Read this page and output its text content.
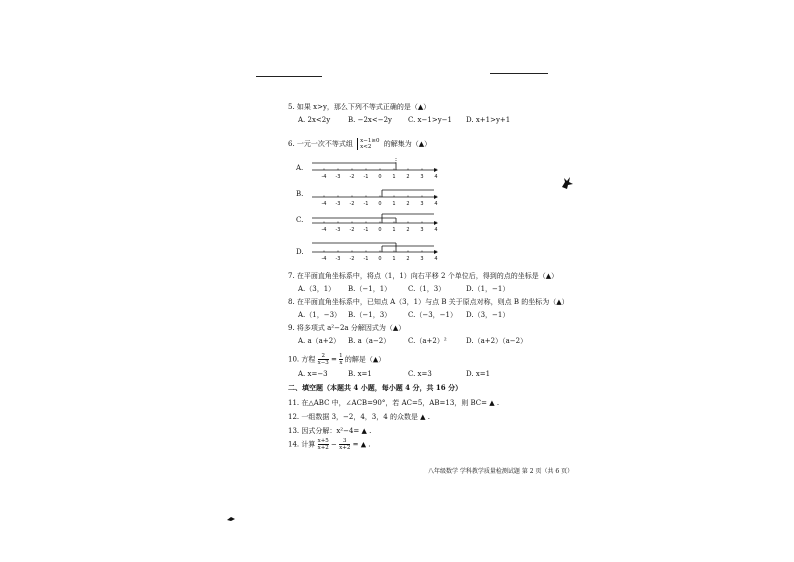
5. 如果 x>y，那么下列不等式正确的是（▲）
A. 2x<2y	B. −2x<−2y C. x−1>y−1 D. x+1>y+1
6. 一元一次不等式组 x−1≥0
x<2	的解集为（▲）
A.
-4 -3 -2 -1 0 1 2 3 4
B.
-4 -3 -2 -1 0 1 2 3 4
C.
-4 -3 -2 -1 0 1 2 3 4
D.
-4 -3 -2 -1 0 1 2 3 4
7. 在平面直角坐标系中，将点（1，1）向右平移 2 个单位后，得到的点的坐标是（▲）
A.（3，1） B.（−1，1） C.（1，3）	D.（1，−1）
8. 在平面直角坐标系中，已知点 A（3，1）与点 B 关于原点对称，则点 B 的坐标为（▲）
A.（1，−3） B.（−1，3） C.（−3，−1） D.（3，−1）
9. 将多项式 a²−2a 分解因式为（▲）
A. a（a+2） B. a（a−2）	C.（a+2）²	D.（a+2）（a−2）
10. 方程 $\frac{2}{x-3} = \frac{1}{x}$ 的解是（▲）
A. x=−3	B. x=1	C. x=3	D. x=1
二、填空题（本题共 4 小题，每小题 4 分，共 16 分）
11. 在△ABC 中，∠ACB=90°，若 AC=5，AB=13，则 BC= ▲ .
12. 一组数据 3，−2，4，3，4 的众数是 ▲ .
13. 因式分解：x²−4= ▲ .
14. 计算 $\frac{x+5}{x+2} - \frac{3}{x+2}$ = ▲ .
八年级数学 学科教学质量检测试题 第 2 页（共 6 页）
